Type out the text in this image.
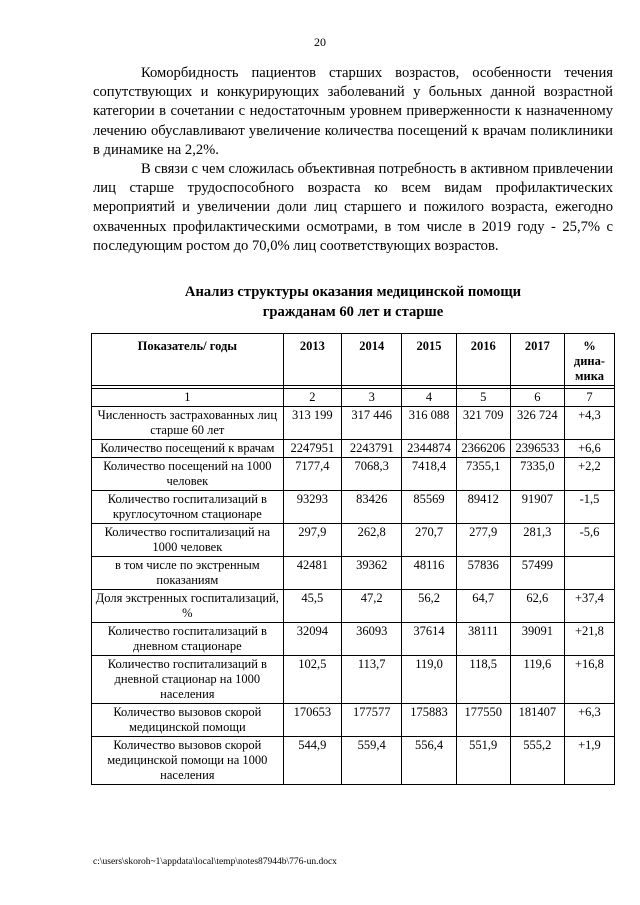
20

Коморбидность пациентов старших возрастов, особенности течения сопутствующих и конкурирующих заболеваний у больных данной возрастной категории в сочетании с недостаточным уровнем приверженности к назначенному лечению обуславливают увеличение количества посещений к врачам поликлиники в динамике на 2,2%.

В связи с чем сложилась объективная потребность в активном привлечении лиц старше трудоспособного возраста ко всем видам профилактических мероприятий и увеличении доли лиц старшего и пожилого возраста, ежегодно охваченных профилактическими осмотрами, в том числе в 2019 году - 25,7% с последующим ростом до 70,0% лиц соответствующих возрастов.

Анализ структуры оказания медицинской помощи
гражданам 60 лет и старше
Показатель/ годы	2013	2014	2015	2016	2017	% дина-мика

1	2	3	4	5	6	7
Численность застрахованных лиц старше 60 лет	313 199	317 446	316 088	321 709	326 724	+4,3
Количество посещений к врачам	2247951	2243791	2344874	2366206	2396533	+6,6
Количество посещений на 1000 человек	7177,4	7068,3	7418,4	7355,1	7335,0	+2,2
Количество госпитализаций в круглосуточном стационаре	93293	83426	85569	89412	91907	-1,5
Количество госпитализаций на 1000 человек	297,9	262,8	270,7	277,9	281,3	-5,6
в том числе по экстренным показаниям	42481	39362	48116	57836	57499	
Доля экстренных госпитализаций, %	45,5	47,2	56,2	64,7	62,6	+37,4
Количество госпитализаций в дневном стационаре	32094	36093	37614	38111	39091	+21,8
Количество госпитализаций в дневной стационар на 1000 населения	102,5	113,7	119,0	118,5	119,6	+16,8
Количество вызовов скорой медицинской помощи	170653	177577	175883	177550	181407	+6,3
Количество вызовов скорой медицинской помощи на 1000 населения	544,9	559,4	556,4	551,9	555,2	+1,9
c:\users\skoroh~1\appdata\local\temp\notes87944b\776-un.docx
